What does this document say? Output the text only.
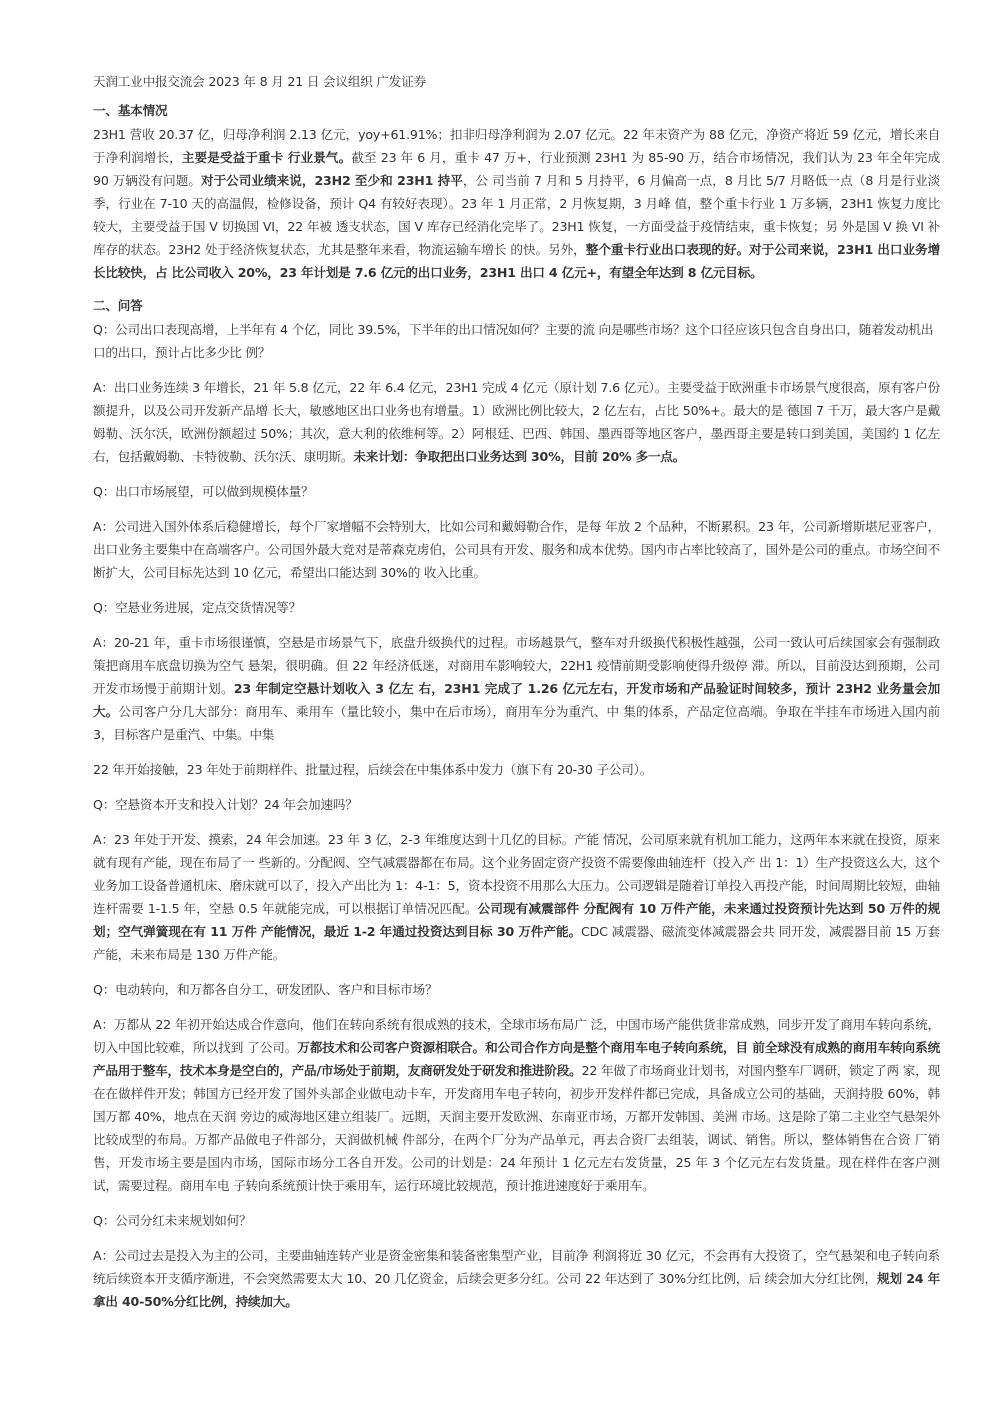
天润工业中报交流会 2023 年 8 月 21 日 会议组织 广发证券

一、基本情况

23H1 营收 20.37 亿，归母净利润 2.13 亿元，yoy+61.91%；扣非归母净利润为 2.07 亿元。22 年末资产为 88 亿元，净资产将近 59 亿元，增长来自于净利润增长，主要是受益于重卡 行业景气。截至 23 年 6 月，重卡 47 万+，行业预测 23H1 为 85-90 万，结合市场情况，我们认为 23 年全年完成 90 万辆没有问题。对于公司业绩来说，23H2 至少和 23H1 持平，公 司当前 7 月和 5 月持平，6 月偏高一点，8 月比 5/7 月略低一点（8 月是行业淡季，行业在 7-10 天的高温假，检修设备，预计 Q4 有较好表现）。23 年 1 月正常，2 月恢复期，3 月峰 值，整个重卡行业 1 万多辆，23H1 恢复力度比较大，主要受益于国 V 切换国 VI，22 年被 透支状态，国 V 库存已经消化完毕了。23H1 恢复，一方面受益于疫情结束，重卡恢复；另 外是国 V 换 VI 补库存的状态。23H2 处于经济恢复状态，尤其是整年来看，物流运输车增长 的快。另外，整个重卡行业出口表现的好。对于公司来说，23H1 出口业务增长比较快，占 比公司收入 20%，23 年计划是 7.6 亿元的出口业务，23H1 出口 4 亿元+，有望全年达到 8 亿元目标。

二、问答

Q：公司出口表现高增，上半年有 4 个亿，同比 39.5%，下半年的出口情况如何？主要的流 向是哪些市场？这个口径应该只包含自身出口，随着发动机出口的出口，预计占比多少比 例？

A：出口业务连续 3 年增长，21 年 5.8 亿元，22 年 6.4 亿元，23H1 完成 4 亿元（原计划 7.6 亿元）。主要受益于欧洲重卡市场景气度很高，原有客户份额提升，以及公司开发新产品增 长大，敏感地区出口业务也有增量。1）欧洲比例比较大，2 亿左右，占比 50%+。最大的是 德国 7 千万，最大客户是戴姆勒、沃尔沃，欧洲份额超过 50%；其次，意大利的依维柯等。2）阿根廷、巴西、韩国、墨西哥等地区客户，墨西哥主要是转口到美国，美国约 1 亿左右，包括戴姆勒、卡特彼勒、沃尔沃、康明斯。未来计划：争取把出口业务达到 30%，目前 20% 多一点。

Q：出口市场展望，可以做到规模体量？

A：公司进入国外体系后稳健增长，每个厂家增幅不会特别大，比如公司和戴姆勒合作，是每 年放 2 个品种，不断累积。23 年，公司新增斯堪尼亚客户，出口业务主要集中在高端客户。公司国外最大竞对是蒂森克虏伯，公司具有开发、服务和成本优势。国内市占率比较高了，国外是公司的重点。市场空间不断扩大，公司目标先达到 10 亿元，希望出口能达到 30%的 收入比重。

Q：空悬业务进展，定点交货情况等？

A：20-21 年，重卡市场很谨慎，空悬是市场景气下，底盘升级换代的过程。市场越景气，整车对升级换代积极性越强，公司一致认可后续国家会有强制政策把商用车底盘切换为空气 悬架，很明确。但 22 年经济低迷，对商用车影响较大，22H1 疫情前期受影响使得升级停 滞。所以，目前没达到预期，公司开发市场慢于前期计划。23 年制定空悬计划收入 3 亿左 右，23H1 完成了 1.26 亿元左右，开发市场和产品验证时间较多，预计 23H2 业务量会加大。公司客户分几大部分：商用车、乘用车（量比较小，集中在后市场），商用车分为重汽、中 集的体系，产品定位高端。争取在半挂车市场进入国内前 3，目标客户是重汽、中集。中集

22 年开始接触，23 年处于前期样件、批量过程，后续会在中集体系中发力（旗下有 20-30 子公司）。

Q：空悬资本开支和投入计划？24 年会加速吗？

A：23 年处于开发、摸索，24 年会加速。23 年 3 亿，2-3 年维度达到十几亿的目标。产能 情况，公司原来就有机加工能力，这两年本来就在投资，原来就有现有产能，现在布局了一 些新的。分配阀、空气减震器都在布局。这个业务固定资产投资不需要像曲轴连杆（投入产 出 1：1）生产投资这么大，这个业务加工设备普通机床、磨床就可以了，投入产出比为 1：4-1：5，资本投资不用那么大压力。公司逻辑是随着订单投入再投产能，时间周期比较短，曲轴连杆需要 1-1.5 年，空悬 0.5 年就能完成，可以根据订单情况匹配。公司现有减震部件 分配阀有 10 万件产能，未来通过投资预计先达到 50 万件的规划；空气弹簧现在有 11 万件 产能情况，最近 1-2 年通过投资达到目标 30 万件产能。CDC 减震器、磁流变体减震器会共 同开发，减震器目前 15 万套产能，未来布局是 130 万件产能。

Q：电动转向，和万都各自分工，研发团队、客户和目标市场？

A：万都从 22 年初开始达成合作意向，他们在转向系统有很成熟的技术，全球市场布局广 泛，中国市场产能供货非常成熟，同步开发了商用车转向系统，切入中国比较难，所以找到 了公司。万都技术和公司客户资源相联合。和公司合作方向是整个商用车电子转向系统，目 前全球没有成熟的商用车转向系统产品用于整车，技术本身是空白的，产品/市场处于前期，友商研发处于研发和推进阶段。22 年做了市场商业计划书，对国内整车厂调研，锁定了两 家，现在在做样件开发；韩国方已经开发了国外头部企业做电动卡车，开发商用车电子转向，初步开发样件都已完成，具备成立公司的基础，天润持股 60%，韩国万都 40%，地点在天润 旁边的威海地区建立组装厂。远期，天润主要开发欧洲、东南亚市场，万都开发韩国、美洲 市场。这是除了第二主业空气悬架外比较成型的布局。万都产品做电子件部分，天润做机械 件部分，在两个厂分为产品单元，再去合资厂去组装，调试、销售。所以，整体销售在合资 厂销售，开发市场主要是国内市场，国际市场分工各自开发。公司的计划是：24 年预计 1 亿元左右发货量，25 年 3 个亿元左右发货量。现在样件在客户测试，需要过程。商用车电 子转向系统预计快于乘用车，运行环境比较规范，预计推进速度好于乘用车。

Q：公司分红未来规划如何？

A：公司过去是投入为主的公司，主要曲轴连转产业是资金密集和装备密集型产业，目前净 利润将近 30 亿元，不会再有大投资了，空气悬架和电子转向系统后续资本开支循序渐进，不会突然需要太大 10、20 几亿资金，后续会更多分红。公司 22 年达到了 30%分红比例，后 续会加大分红比例，规划 24 年拿出 40-50%分红比例，持续加大。
